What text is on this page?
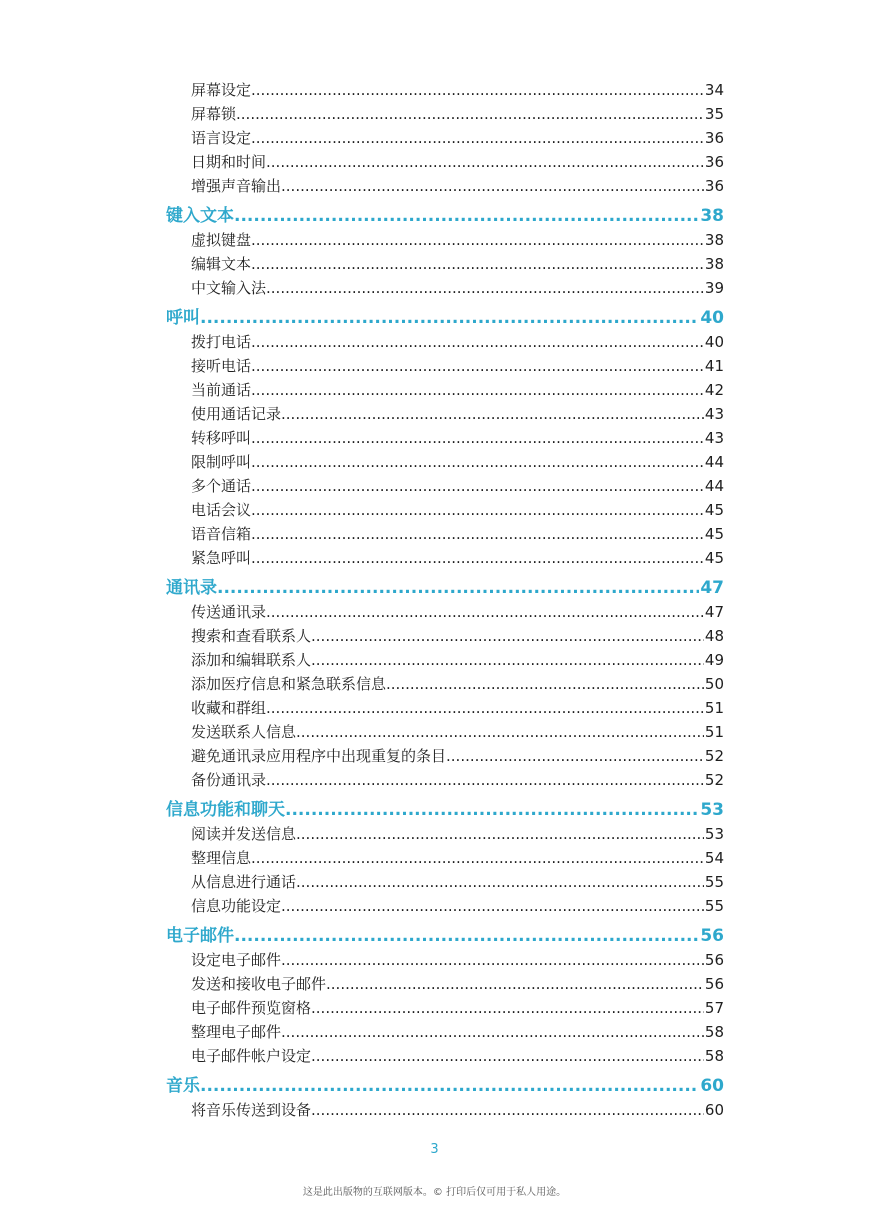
屏幕设定 .....	34
屏幕锁 .....	35
语言设定 .....	36
日期和时间 .....	36
增强声音输出 .....	36
键入文本 .....	38
虚拟键盘 .....	38
编辑文本 .....	38
中文输入法 .....	39
呼叫 .....	40
拨打电话 .....	40
接听电话 .....	41
当前通话 .....	42
使用通话记录 .....	43
转移呼叫 .....	43
限制呼叫 .....	44
多个通话 .....	44
电话会议 .....	45
语音信箱 .....	45
紧急呼叫 .....	45
通讯录 .....	47
传送通讯录 .....	47
搜索和查看联系人 .....	48
添加和编辑联系人 .....	49
添加医疗信息和紧急联系信息 .....	50
收藏和群组 .....	51
发送联系人信息 .....	51
避免通讯录应用程序中出现重复的条目 .....	52
备份通讯录 .....	52
信息功能和聊天 .....	53
阅读并发送信息 .....	53
整理信息 .....	54
从信息进行通话 .....	55
信息功能设定 .....	55
电子邮件 .....	56
设定电子邮件 .....	56
发送和接收电子邮件 .....	56
电子邮件预览窗格 .....	57
整理电子邮件 .....	58
电子邮件帐户设定 .....	58
音乐 .....	60
将音乐传送到设备 .....	60
3
这是此出版物的互联网版本。© 打印后仅可用于私人用途。
